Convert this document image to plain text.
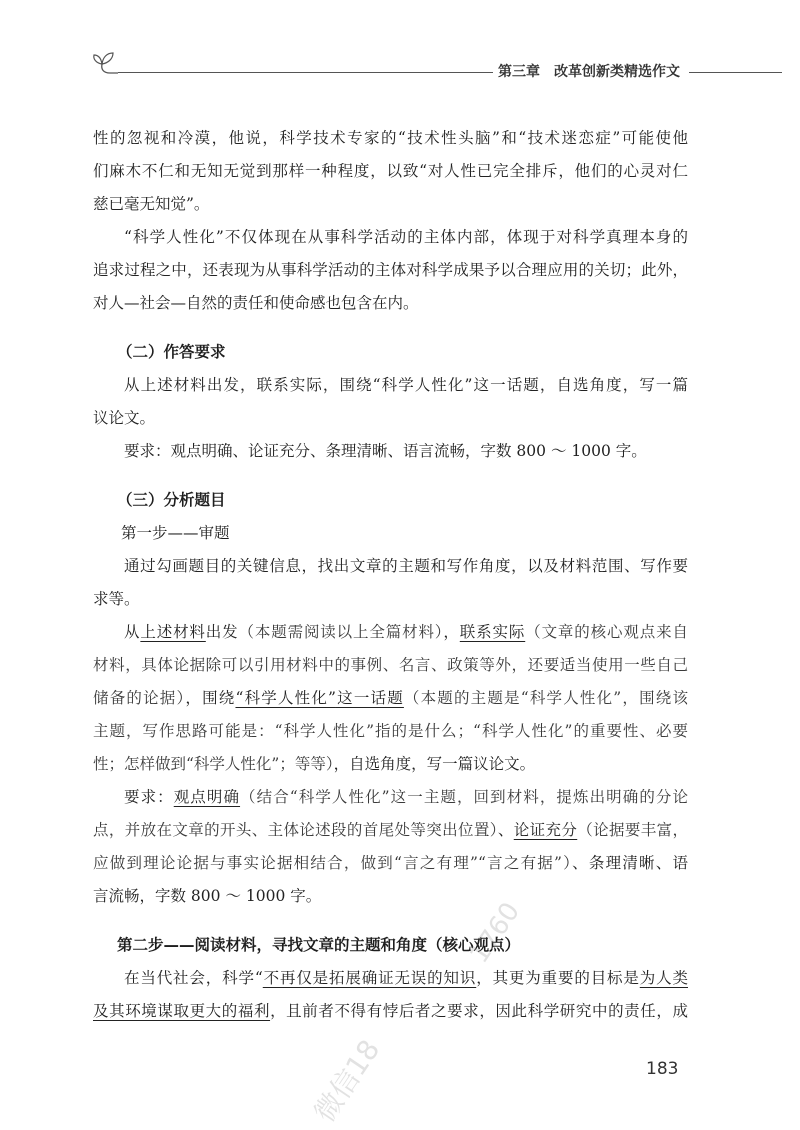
第三章　改革创新类精选作文
性的忽视和冷漠，他说，科学技术专家的“技术性头脑”和“技术迷恋症”可能使他
们麻木不仁和无知无觉到那样一种程度，以致“对人性已完全排斥，他们的心灵对仁
慈已毫无知觉”。
“科学人性化”不仅体现在从事科学活动的主体内部，体现于对科学真理本身的
追求过程之中，还表现为从事科学活动的主体对科学成果予以合理应用的关切；此外，
对人—社会—自然的责任和使命感也包含在内。
（二）作答要求
从上述材料出发，联系实际，围绕“科学人性化”这一话题，自选角度，写一篇
议论文。
要求：观点明确、论证充分、条理清晰、语言流畅，字数 800 ～ 1000 字。
（三）分析题目
第一步——审题
通过勾画题目的关键信息，找出文章的主题和写作角度，以及材料范围、写作要
求等。
从上述材料出发（本题需阅读以上全篇材料），联系实际（文章的核心观点来自
材料，具体论据除可以引用材料中的事例、名言、政策等外，还要适当使用一些自己
储备的论据），围绕“科学人性化”这一话题（本题的主题是“科学人性化”，围绕该
主题，写作思路可能是：“科学人性化”指的是什么；“科学人性化”的重要性、必要
性；怎样做到“科学人性化”；等等），自选角度，写一篇议论文。
要求：观点明确（结合“科学人性化”这一主题，回到材料，提炼出明确的分论
点，并放在文章的开头、主体论述段的首尾处等突出位置）、论证充分（论据要丰富，
应做到理论论据与事实论据相结合，做到“言之有理”“言之有据”）、条理清晰、语
言流畅，字数 800 ～ 1000 字。
第二步——阅读材料，寻找文章的主题和角度（核心观点）
在当代社会，科学“不再仅是拓展确证无误的知识，其更为重要的目标是为人类
及其环境谋取更大的福利，且前者不得有悖后者之要求，因此科学研究中的责任，成
183
微信18
1760
